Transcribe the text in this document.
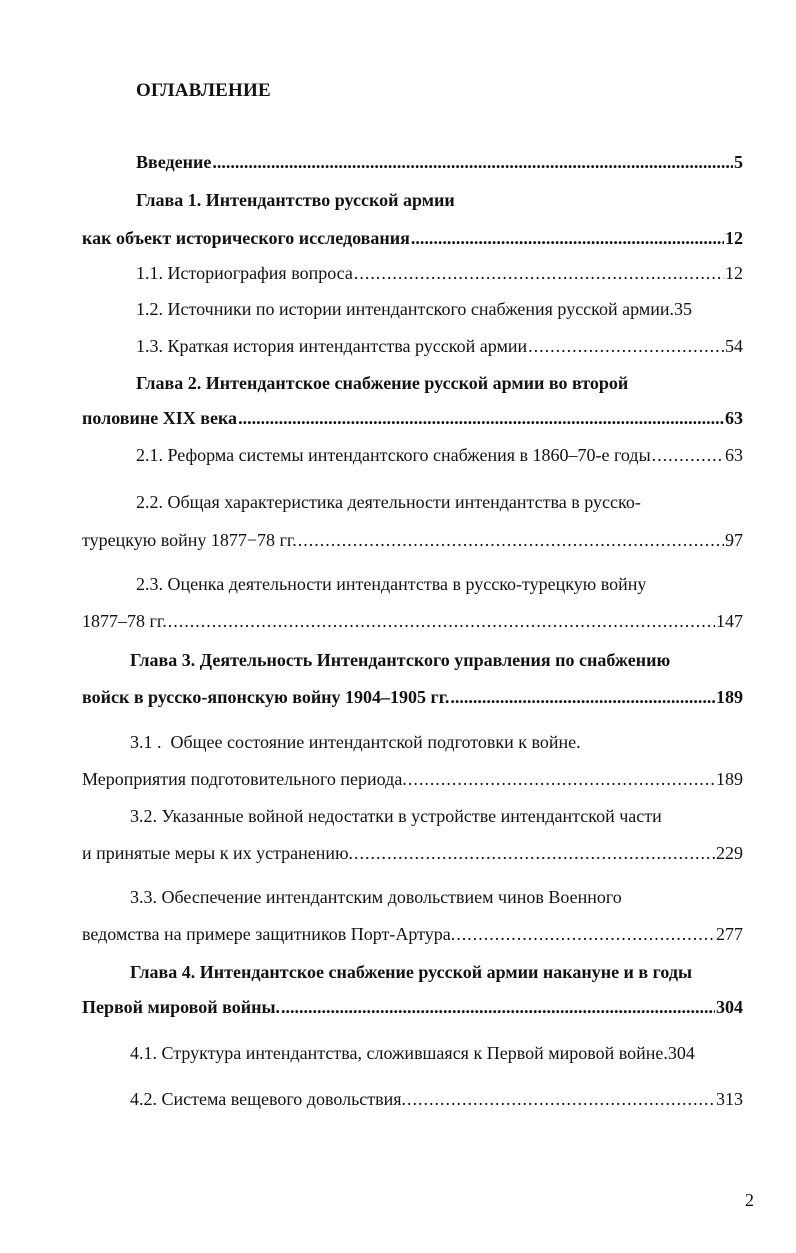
ОГЛАВЛЕНИЕ
Введение .....	5
Глава 1. Интендантство русской армии
как объект исторического исследования .....	12
1.1. Историография вопроса .....	12
1.2. Источники по истории интендантского снабжения русской армии.35
1.3. Краткая история интендантства русской армии .....	54
Глава 2. Интендантское снабжение русской армии во второй
половине XIX века .....	63
2.1. Реформа системы интендантского снабжения в 1860–70-е годы .....	63
2.2. Общая характеристика деятельности интендантства в русско-
турецкую войну 1877−78 гг. .....	97
2.3. Оценка деятельности интендантства в русско-турецкую войну
1877–78 гг. .....	147
Глава 3. Деятельность Интендантского управления по снабжению
войск в русско-японскую войну 1904–1905 гг. .....	189
3.1 .  Общее состояние интендантской подготовки к войне.
Мероприятия подготовительного периода. .....	189
3.2. Указанные войной недостатки в устройстве интендантской части
и принятые меры к их устранению. .....	229
3.3. Обеспечение интендантским довольствием чинов Военного
ведомства на примере защитников Порт-Артура. .....	277
Глава 4. Интендантское снабжение русской армии накануне и в годы
Первой мировой войны. .....	304
4.1. Структура интендантства, сложившаяся к Первой мировой войне.304
4.2. Система вещевого довольствия. .....	313
2
